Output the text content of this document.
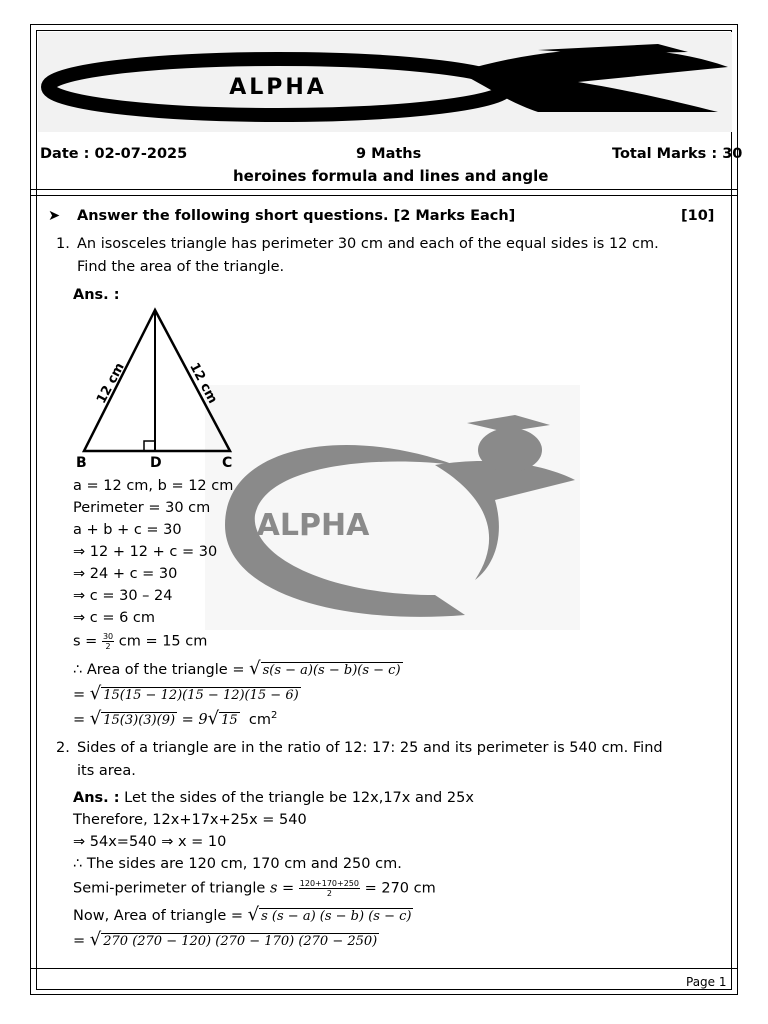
ALPHA
Date : 02-07-2025	9 Maths	Total Marks : 30
heroines formula and lines and angle
➤ Answer the following short questions. [2 Marks Each]	[10]
ALPHA
1. An isosceles triangle has perimeter 30 cm and each of the equal sides is 12 cm.
Find the area of the triangle.
Ans. :
12 cm	12 cm
B	D	C
a = 12 cm, b = 12 cm
Perimeter = 30 cm
a + b + c = 30
⇒ 12 + 12 + c = 30
⇒ 24 + c = 30
⇒ c = 30 – 24
⇒ c = 6 cm
$s = \frac{30}{2}$ cm = 15 cm
∴ Area of the triangle = √ s(s − a)(s − b)(s − c)
= √ 15(15 − 12)(15 − 12)(15 − 6)
= √ 15(3)(3)(9) = 9√ 15 $cm^2$
2. Sides of a triangle are in the ratio of 12: 17: 25 and its perimeter is 540 cm. Find
its area.
Ans. : Let the sides of the triangle be 12x,17x and 25x
Therefore, 12x+17x+25x = 540
⇒ 54x=540 ⇒ x = 10
∴ The sides are 120 cm, 170 cm and 250 cm.
Semi-perimeter of triangle $s = \frac{120+170+250}{2} = 270$ cm
Now, Area of triangle = √ s (s − a) (s − b) (s − c)
= √ 270 (270 − 120) (270 − 170) (270 − 250)
Page 1
